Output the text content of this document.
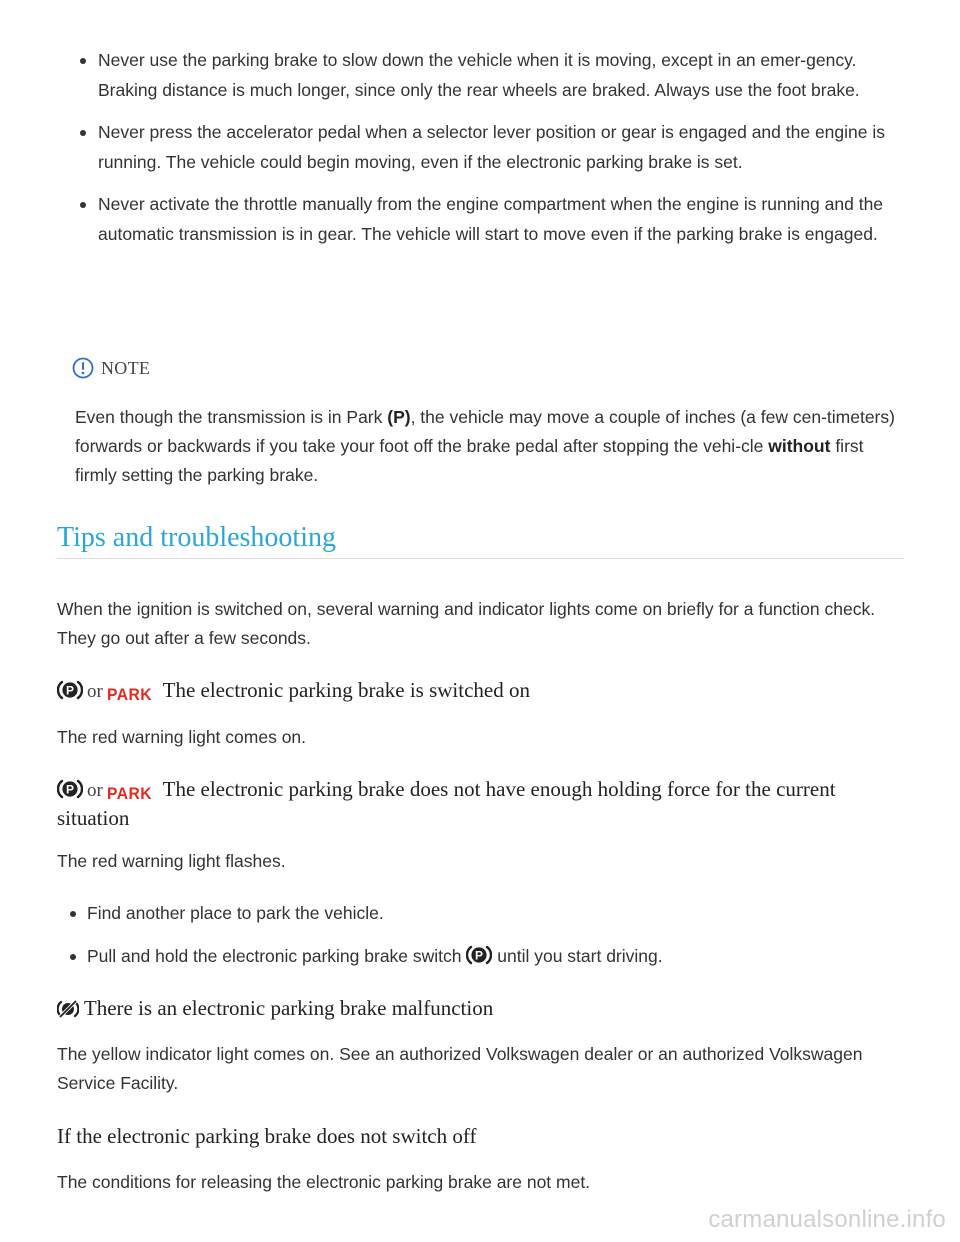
Never use the parking brake to slow down the vehicle when it is moving, except in an emer-gency. Braking distance is much longer, since only the rear wheels are braked. Always use the foot brake.
Never press the accelerator pedal when a selector lever position or gear is engaged and the engine is running. The vehicle could begin moving, even if the electronic parking brake is set.
Never activate the throttle manually from the engine compartment when the engine is running and the automatic transmission is in gear. The vehicle will start to move even if the parking brake is engaged.
NOTE
Even though the transmission is in Park (P), the vehicle may move a couple of inches (a few cen-timeters) forwards or backwards if you take your foot off the brake pedal after stopping the vehi-cle without first firmly setting the parking brake.
Tips and troubleshooting
When the ignition is switched on, several warning and indicator lights come on briefly for a function check. They go out after a few seconds.
P or PARK The electronic parking brake is switched on
The red warning light comes on.
P or PARK The electronic parking brake does not have enough holding force for the current situation
The red warning light flashes.
Find another place to park the vehicle.
Pull and hold the electronic parking brake switch P until you start driving.
There is an electronic parking brake malfunction
The yellow indicator light comes on. See an authorized Volkswagen dealer or an authorized Volkswagen Service Facility.
If the electronic parking brake does not switch off
The conditions for releasing the electronic parking brake are not met.
carmanualsonline.info
